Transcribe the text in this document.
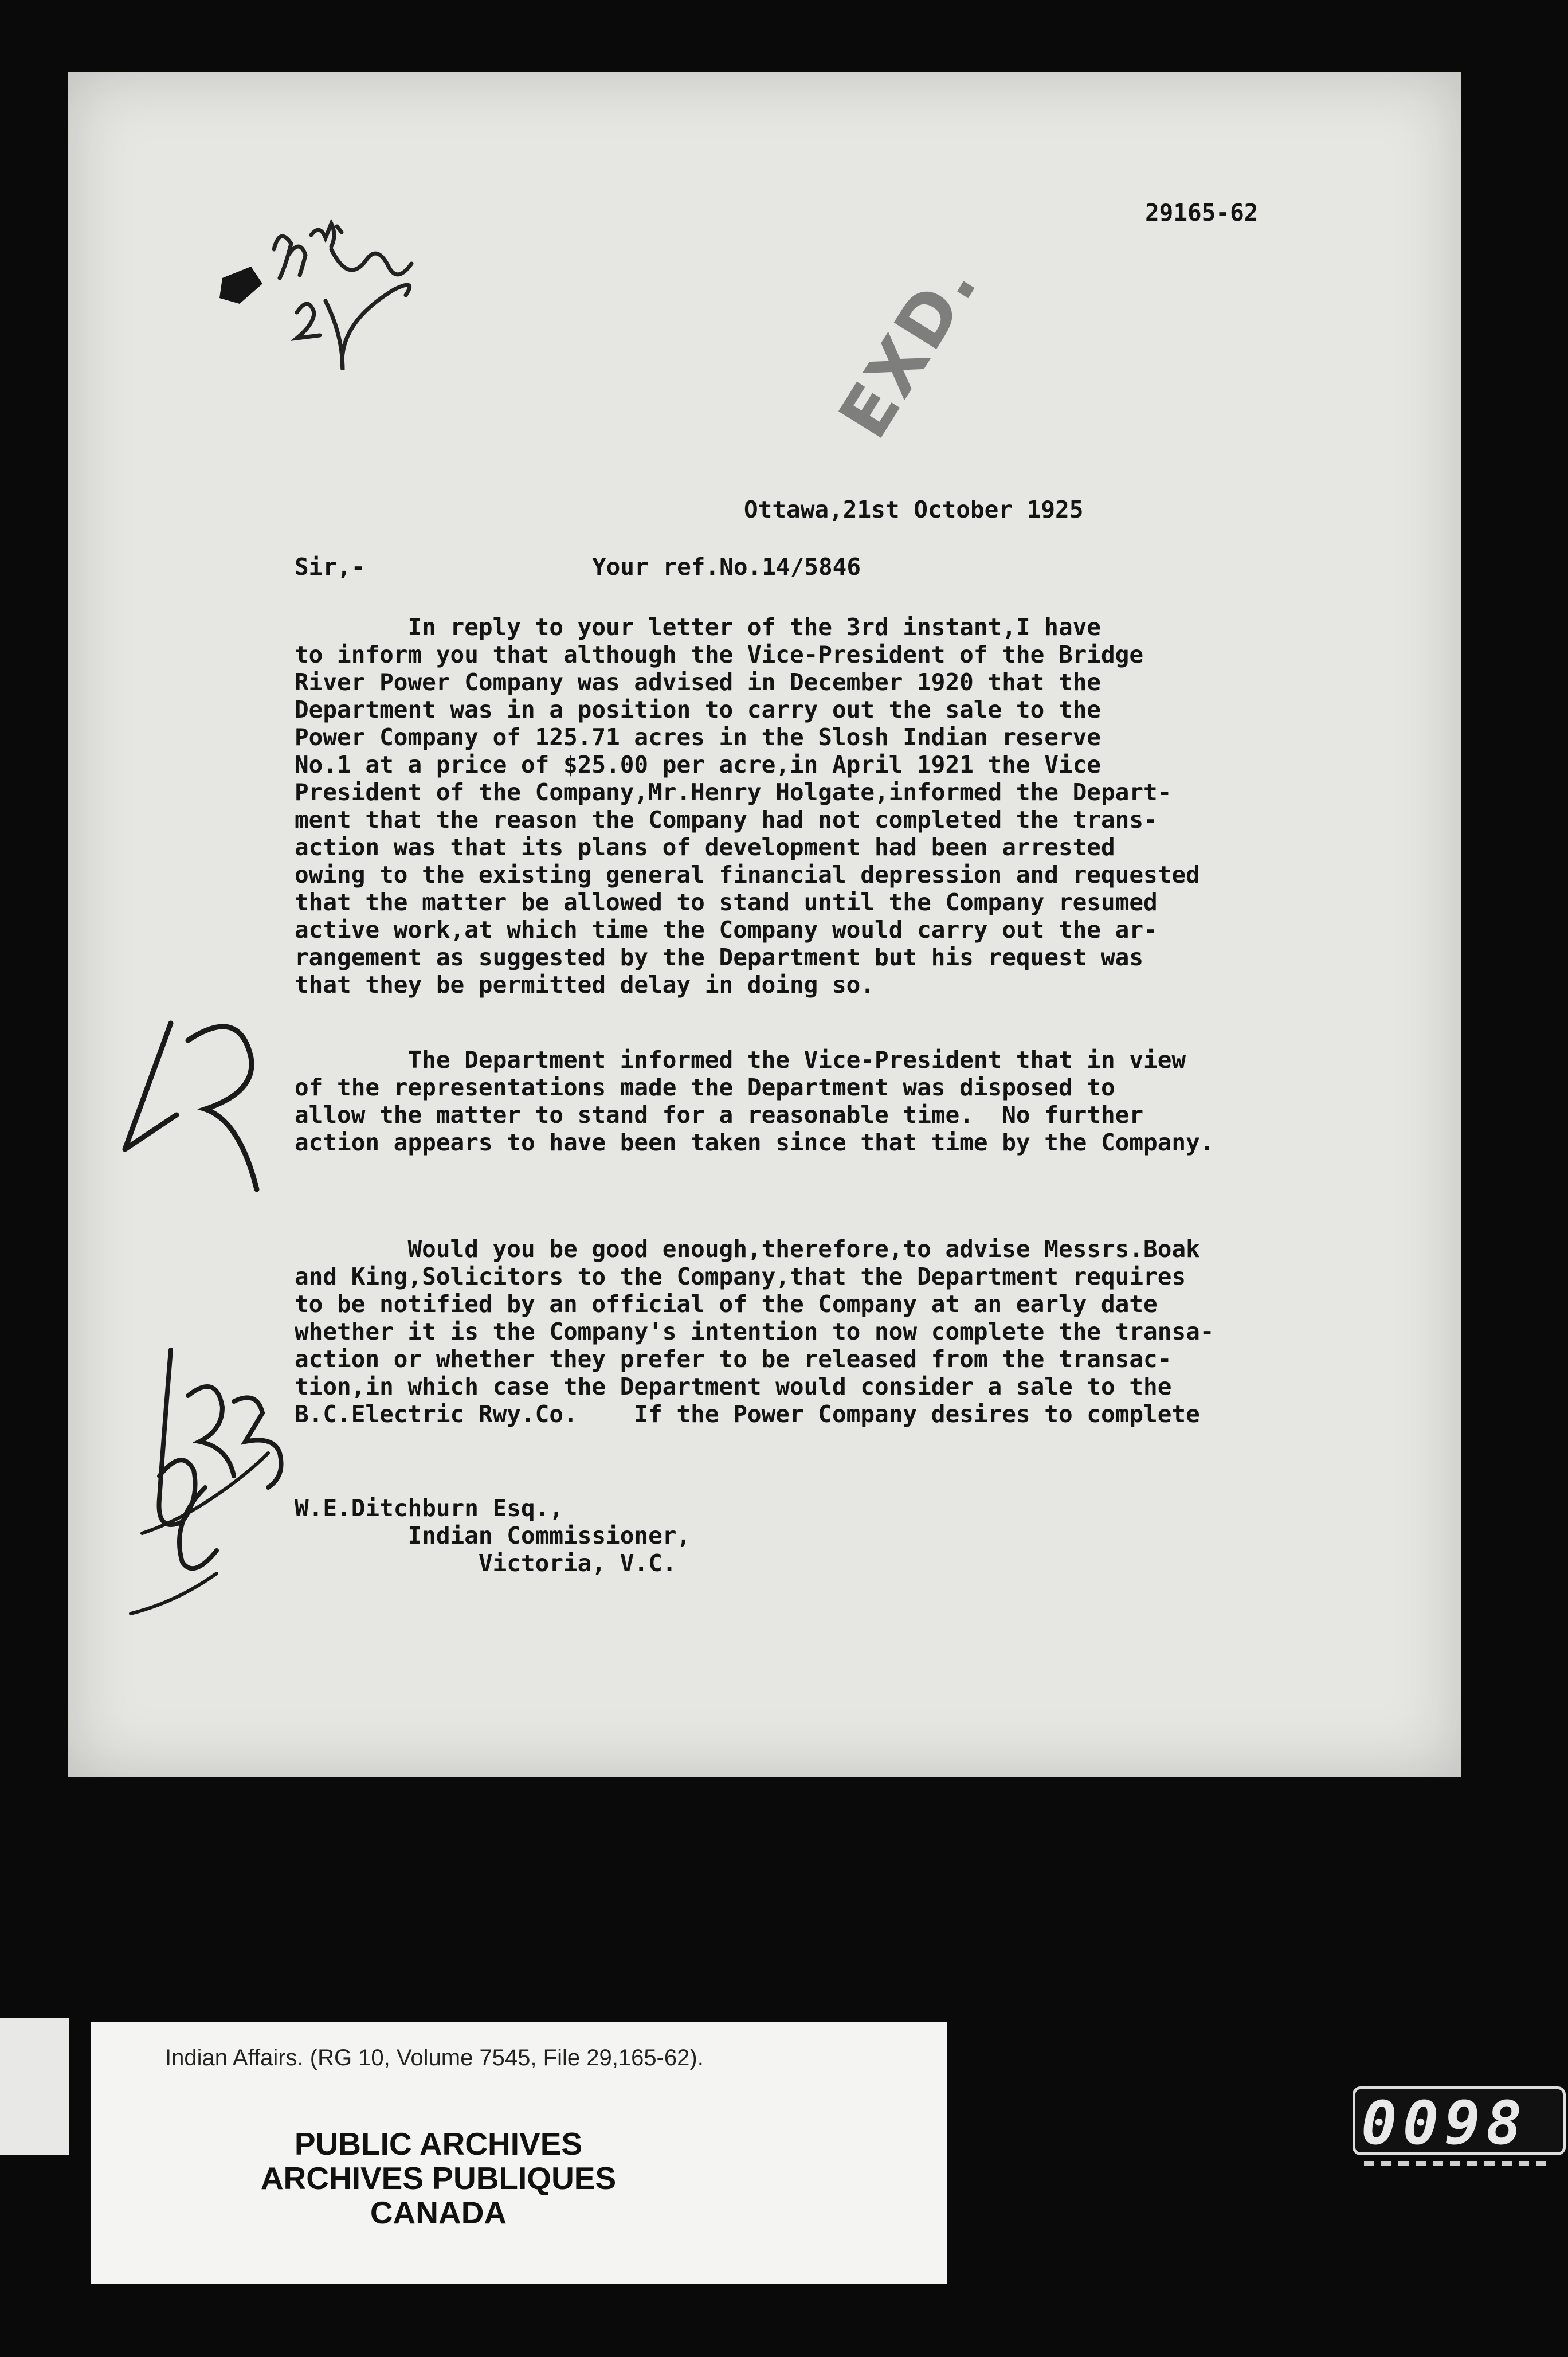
29165-62
EXD.
Ottawa,21st October 1925
Sir,-	Your ref.No.14/5846
In reply to your letter of the 3rd instant,I have
to inform you that although the Vice-President of the Bridge
River Power Company was advised in December 1920 that the
Department was in a position to carry out the sale to the
Power Company of 125.71 acres in the Slosh Indian reserve
No.1 at a price of $25.00 per acre,in April 1921 the Vice
President of the Company,Mr.Henry Holgate,informed the Depart-
ment that the reason the Company had not completed the trans-
action was that its plans of development had been arrested
owing to the existing general financial depression and requested
that the matter be allowed to stand until the Company resumed
active work,at which time the Company would carry out the ar-
rangement as suggested by the Department but his request was
that they be permitted delay in doing so.
The Department informed the Vice-President that in view
of the representations made the Department was disposed to
allow the matter to stand for a reasonable time.  No further
action appears to have been taken since that time by the Company.
Would you be good enough,therefore,to advise Messrs.Boak
and King,Solicitors to the Company,that the Department requires
to be notified by an official of the Company at an early date
whether it is the Company's intention to now complete the transa-
action or whether they prefer to be released from the transac-
tion,in which case the Department would consider a sale to the
B.C.Electric Rwy.Co.    If the Power Company desires to complete
W.E.Ditchburn Esq.,
Indian Commissioner,
Victoria, V.C.
Indian Affairs. (RG 10, Volume 7545, File 29,165-62).
PUBLIC ARCHIVES
ARCHIVES PUBLIQUES
CANADA
0098
